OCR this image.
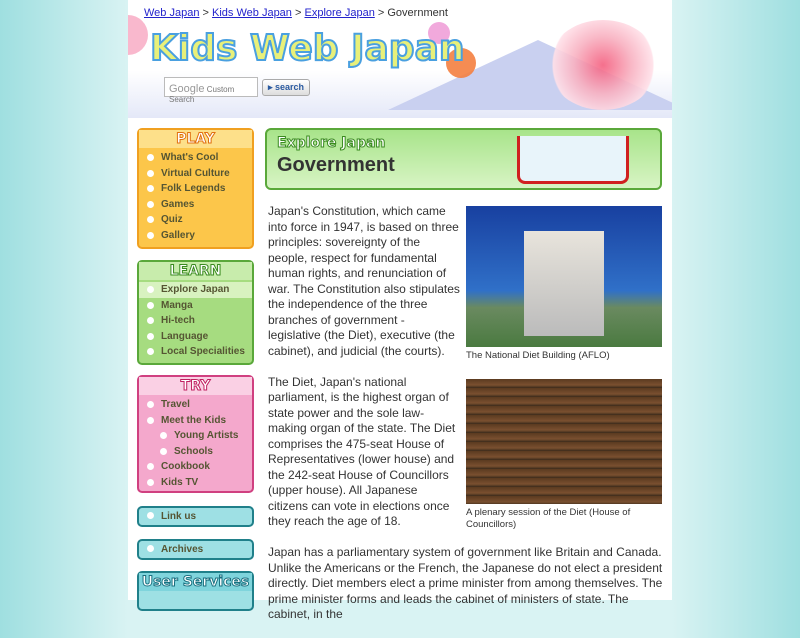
Web Japan > Kids Web Japan > Explore Japan > Government
Kids Web Japan
Google Custom Search
▸ search
PLAY
What's Cool
Virtual Culture
Folk Legends
Games
Quiz
Gallery
LEARN
Explore Japan
Manga
Hi-tech
Language
Local Specialities
TRY
Travel
Meet the Kids
Young Artists
Schools
Cookbook
Kids TV
Link us
Archives
User Services
Explore Japan
Government
The National Diet Building (AFLO)

Japan's Constitution, which came into force in 1947, is based on three principles: sovereignty of the people, respect for fundamental human rights, and renunciation of war. The Constitution also stipulates the independence of the three branches of government - legislative (the Diet), executive (the cabinet), and judicial (the courts).

A plenary session of the Diet (House of Councillors)

The Diet, Japan's national parliament, is the highest organ of state power and the sole law-making organ of the state. The Diet comprises the 475-seat House of Representatives (lower house) and the 242-seat House of Councillors (upper house). All Japanese citizens can vote in elections once they reach the age of 18.

Japan has a parliamentary system of government like Britain and Canada. Unlike the Americans or the French, the Japanese do not elect a president directly. Diet members elect a prime minister from among themselves. The prime minister forms and leads the cabinet of ministers of state. The cabinet, in the
